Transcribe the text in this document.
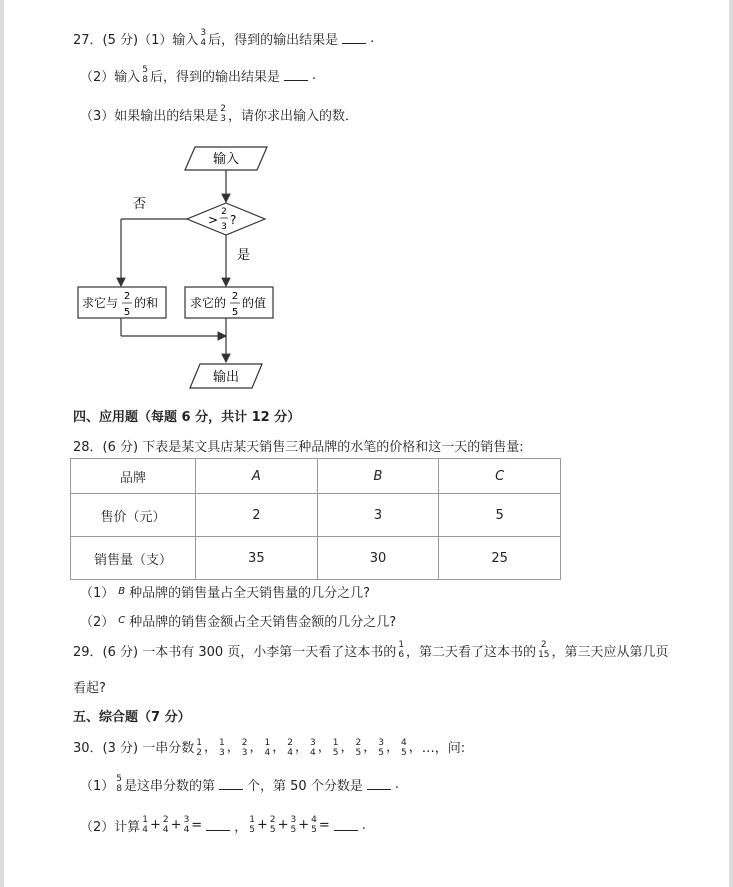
27．(5 分)（1）输入 3
4 后，得到的输出结果是 .
（2）输入 5
8 后，得到的输出结果是 .
（3）如果输出的结果是 2
3 ，请你求出输入的数．
输入
>
2
3 ?
否
是
求它与 2
5
的和	求它的 2
5
的值
输出
四、应用题（每题 6 分，共计 12 分）
28．(6 分) 下表是某文具店某天销售三种品牌的水笔的价格和这一天的销售量:
品牌	A	B	C
售价（元）	2	3	5
销售量（支）	35	30	25
（1） B 种品牌的销售量占全天销售量的几分之几?
（2） C 种品牌的销售金额占全天销售金额的几分之几?
29．(6 分) 一本书有 300 页，小李第一天看了这本书的 1
6 ，第二天看了这本书的 2
15 ，第三天应从第几页
看起?
五、综合题（7 分）
30．(3 分) 一串分数 1
2 ， 1
3 ， 2
3 ， 1
4 ， 2
4 ， 3
4 ， 1
5 ， 2
5 ， 3
5 ， 4
5 ， …，问:
（1） 5
8 是这串分数的第 个，第 50 个分数是 .
（2）计算 1
4 + 2
4 + 3
4 = ， 1
5 + 2
5 + 3
5 + 4
5 = .
